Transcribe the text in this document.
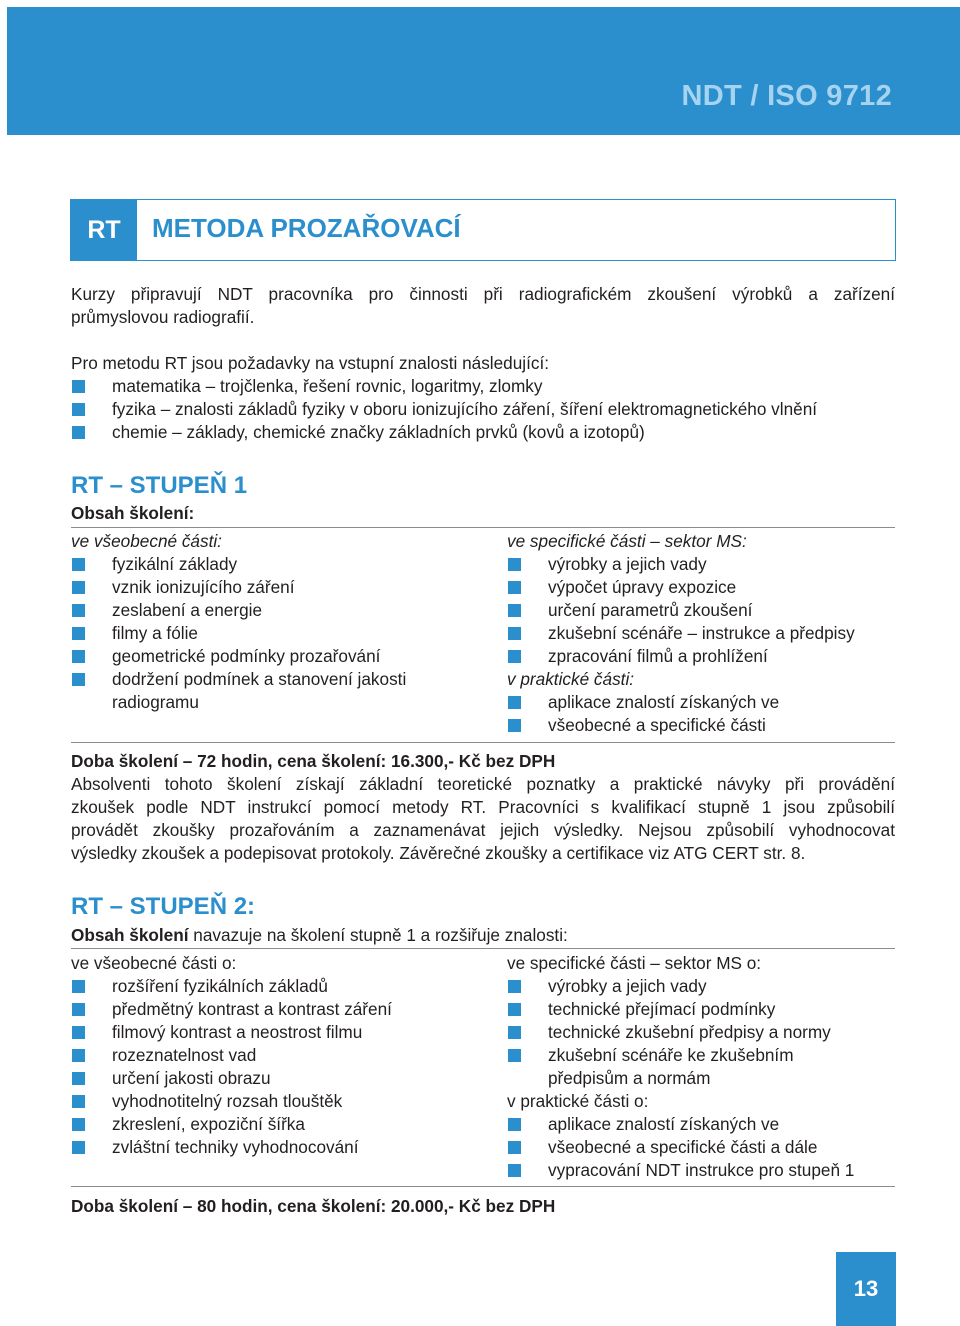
NDT / ISO 9712
RT	METODA PROZAŘOVACÍ
Kurzy připravují NDT pracovníka pro činnosti při radiografickém zkoušení výrobků a zařízení
průmyslovou radiografií.
Pro metodu RT jsou požadavky na vstupní znalosti následující:
matematika – trojčlenka, řešení rovnic, logaritmy, zlomky
fyzika – znalosti základů fyziky v oboru ionizujícího záření, šíření elektromagnetického vlnění
chemie – základy, chemické značky základních prvků (kovů a izotopů)
RT – STUPEŇ 1
Obsah školení:
ve všeobecné části:
fyzikální základy
vznik ionizujícího záření
zeslabení a energie
filmy a fólie
geometrické podmínky prozařování
dodržení podmínek a stanovení jakosti
radiogramu
ve specifické části – sektor MS:
výrobky a jejich vady
výpočet úpravy expozice
určení parametrů zkoušení
zkušební scénáře – instrukce a předpisy
zpracování filmů a prohlížení
v praktické části:
aplikace znalostí získaných ve
všeobecné a specifické části
Doba školení – 72 hodin, cena školení: 16.300,- Kč bez DPH
Absolventi tohoto školení získají základní teoretické poznatky a praktické návyky při provádění
zkoušek podle NDT instrukcí pomocí metody RT. Pracovníci s kvalifikací stupně 1 jsou způsobilí
provádět zkoušky prozařováním a zaznamenávat jejich výsledky. Nejsou způsobilí vyhodnocovat
výsledky zkoušek a podepisovat protokoly. Závěrečné zkoušky a certifikace viz ATG CERT str. 8.
RT – STUPEŇ 2:
Obsah školení navazuje na školení stupně 1 a rozšiřuje znalosti:
ve všeobecné části o:
rozšíření fyzikálních základů
předmětný kontrast a kontrast záření
filmový kontrast a neostrost filmu
rozeznatelnost vad
určení jakosti obrazu
vyhodnotitelný rozsah tlouštěk
zkreslení, expoziční šířka
zvláštní techniky vyhodnocování
ve specifické části – sektor MS o:
výrobky a jejich vady
technické přejímací podmínky
technické zkušební předpisy a normy
zkušební scénáře ke zkušebním
předpisům a normám
v praktické části o:
aplikace znalostí získaných ve
všeobecné a specifické části a dále
vypracování NDT instrukce pro stupeň 1
Doba školení – 80 hodin, cena školení: 20.000,- Kč bez DPH
13
